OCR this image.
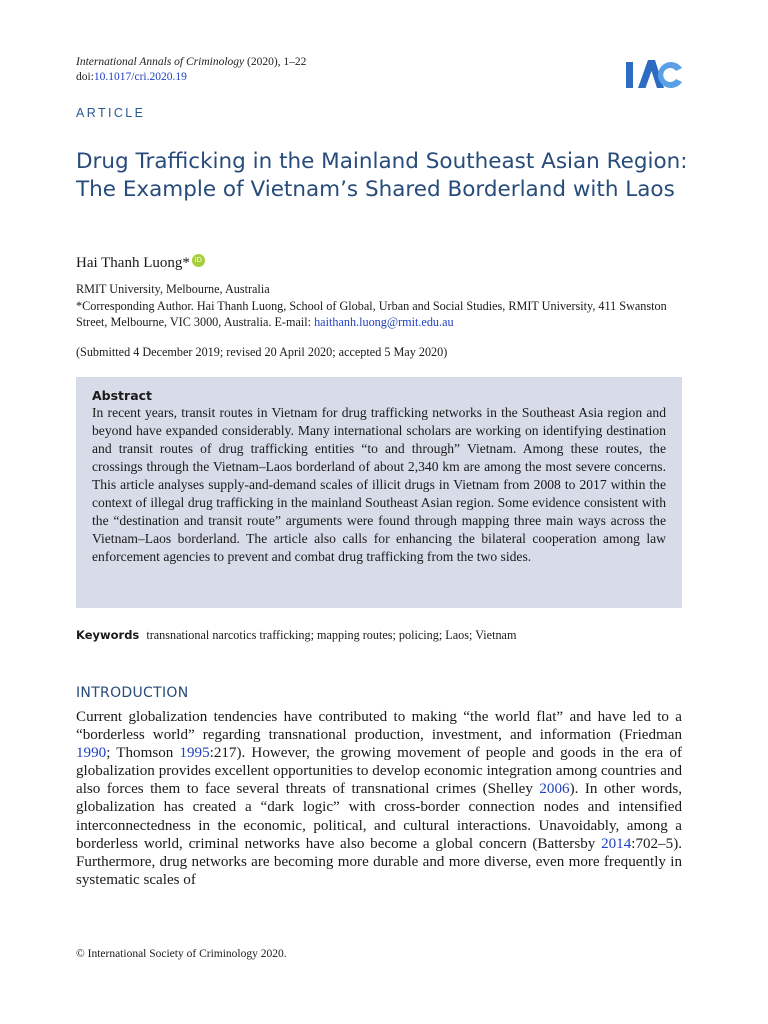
International Annals of Criminology (2020), 1–22
doi:10.1017/cri.2020.19
IAC
ARTICLE
Drug Trafficking in the Mainland Southeast Asian Region: The Example of Vietnam’s Shared Borderland with Laos
Hai Thanh Luong* iD
RMIT University, Melbourne, Australia
*Corresponding Author. Hai Thanh Luong, School of Global, Urban and Social Studies, RMIT University, 411 Swanston Street, Melbourne, VIC 3000, Australia. E-mail: haithanh.luong@rmit.edu.au
(Submitted 4 December 2019; revised 20 April 2020; accepted 5 May 2020)
Abstract

In recent years, transit routes in Vietnam for drug trafficking networks in the Southeast Asia region and beyond have expanded considerably. Many international scholars are working on identifying destination and transit routes of drug trafficking entities “to and through” Vietnam. Among these routes, the crossings through the Vietnam–Laos borderland of about 2,340 km are among the most severe concerns. This article analyses supply-and-demand scales of illicit drugs in Vietnam from 2008 to 2017 within the context of illegal drug trafficking in the mainland Southeast Asian region. Some evidence consistent with the “destination and transit route” arguments were found through mapping three main ways across the Vietnam–Laos borderland. The article also calls for enhancing the bilateral cooperation among law enforcement agencies to prevent and combat drug trafficking from the two sides.

Keywords transnational narcotics trafficking; mapping routes; policing; Laos; Vietnam
INTRODUCTION

Current globalization tendencies have contributed to making “the world flat” and have led to a “borderless world” regarding transnational production, investment, and information (Friedman 1990; Thomson 1995:217). However, the growing movement of people and goods in the era of globalization provides excellent opportunities to develop economic integration among countries and also forces them to face several threats of transnational crimes (Shelley 2006). In other words, globalization has created a “dark logic” with cross-border connection nodes and intensified interconnectedness in the economic, political, and cultural interactions. Unavoidably, among a borderless world, criminal networks have also become a global concern (Battersby 2014:702–5). Furthermore, drug networks are becoming more durable and more diverse, even more frequently in systematic scales of

© International Society of Criminology 2020.
